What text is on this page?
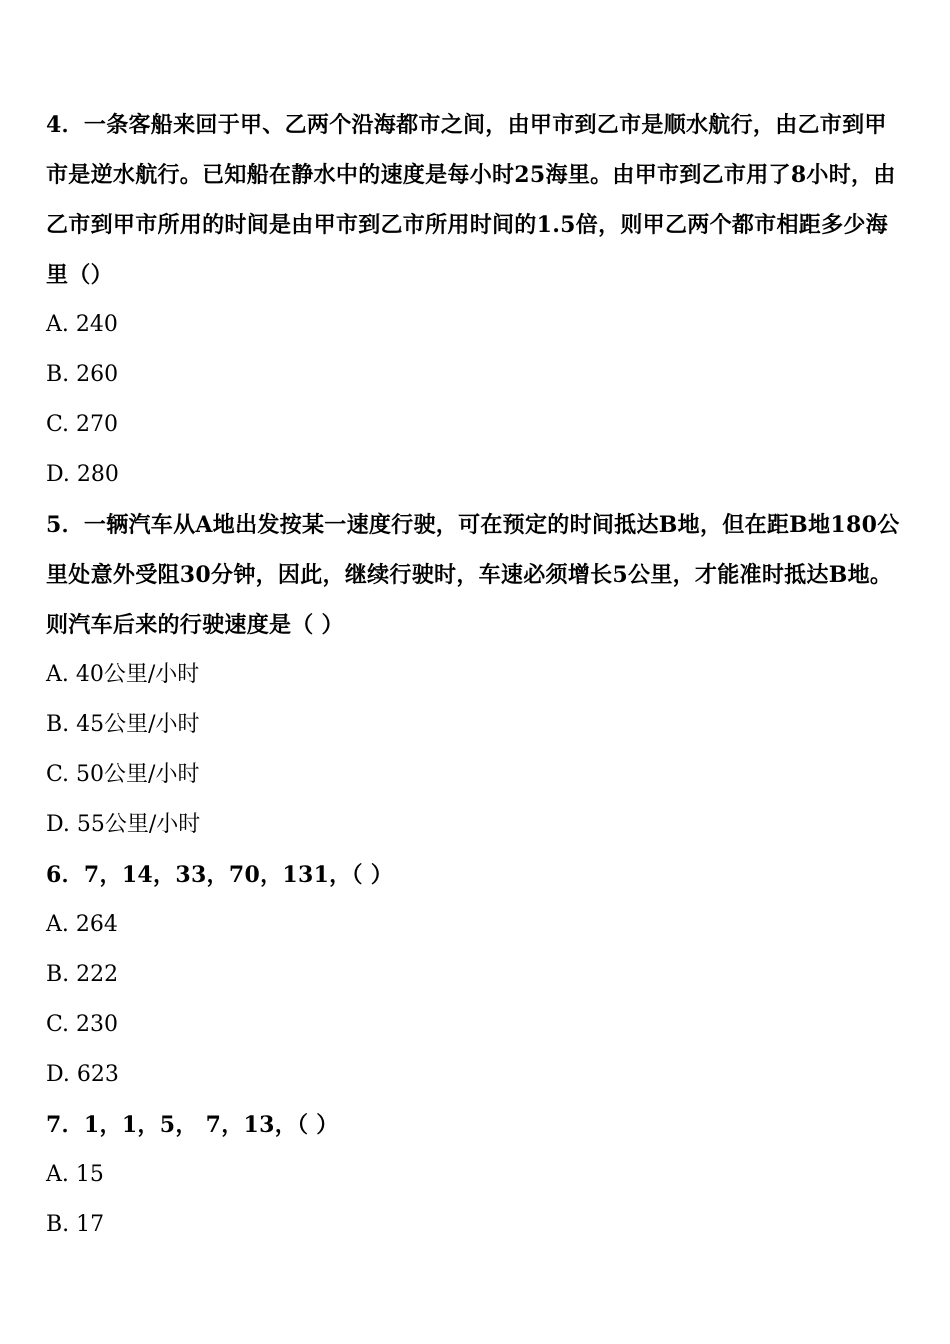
4．一条客船来回于甲、乙两个沿海都市之间，由甲市到乙市是顺水航行，由乙市到甲市是逆水航行。已知船在静水中的速度是每小时25海里。由甲市到乙市用了8小时，由乙市到甲市所用的时间是由甲市到乙市所用时间的1.5倍，则甲乙两个都市相距多少海里（）

A. 240

B. 260

C. 270

D. 280

5．一辆汽车从A地出发按某一速度行驶，可在预定的时间抵达B地，但在距B地180公里处意外受阻30分钟，因此，继续行驶时，车速必须增长5公里，才能准时抵达B地。则汽车后来的行驶速度是（ ）

A. 40公里/小时

B. 45公里/小时

C. 50公里/小时

D. 55公里/小时

6．7，14，33，70，131，（ ）

A. 264

B. 222

C. 230

D. 623

7．1，1，5， 7，13，（ ）

A. 15

B. 17
